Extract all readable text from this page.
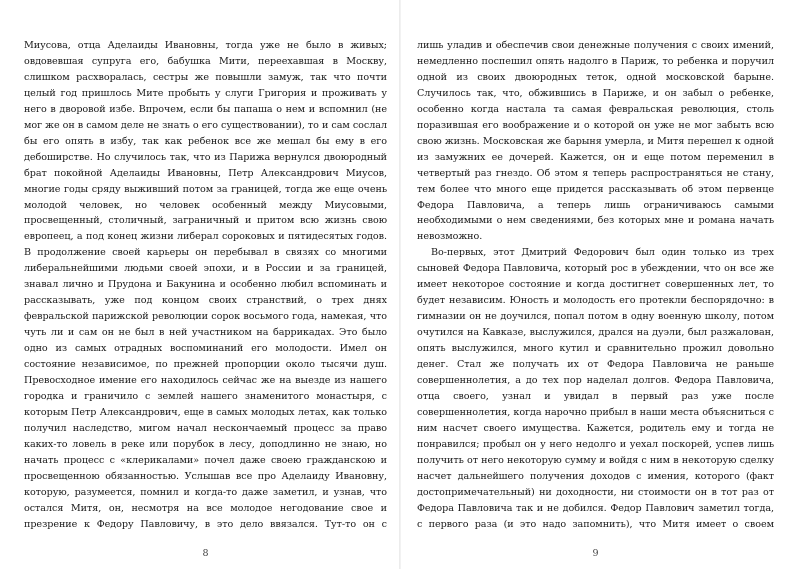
Миусова, отца Аделаиды Ивановны, тогда уже не было в живых; овдовевшая супруга его, бабушка Мити, переехавшая в Москву, слишком расхворалась, сестры же повышли замуж, так что почти целый год пришлось Мите пробыть у слуги Григория и проживать у него в дворовой избе. Впрочем, если бы папаша о нем и вспомнил (не мог же он в самом деле не знать о его существовании), то и сам сослал бы его опять в избу, так как ребенок все же мешал бы ему в его дебоширстве. Но случилось так, что из Парижа вернулся двоюродный брат покойной Аделаиды Ивановны, Петр Александрович Миусов, многие годы сряду выживший потом за границей, тогда же еще очень молодой человек, но человек особенный между Миусовыми, просвещенный, столичный, заграничный и притом всю жизнь свою европеец, а под конец жизни либерал сороковых и пятидесятых годов. В продолжение своей карьеры он перебывал в связях со многими либеральнейшими людьми своей эпохи, и в России и за границей, знавал лично и Прудона и Бакунина и особенно любил вспоминать и рассказывать, уже под концом своих странствий, о трех днях февральской парижской революции сорок восьмого года, намекая, что чуть ли и сам он не был в ней участником на баррикадах. Это было одно из самых отрадных воспоминаний его молодости. Имел он состояние независимое, по прежней пропорции около тысячи душ. Превосходное имение его находилось сейчас же на выезде из нашего городка и граничило с землей нашего знаменитого монастыря, с которым Петр Александрович, еще в самых молодых летах, как только получил наследство, мигом начал нескончаемый процесс за право каких-то ловель в реке или порубок в лесу, доподлинно не знаю, но начать процесс с «клерикалами» почел даже своею гражданскою и просвещенною обязанностью. Услышав все про Аделаиду Ивановну, которую, разумеется, помнил и когда-то даже заметил, и узнав, что остался Митя, он, несмотря на все молодое негодование свое и презрение к Федору Павловичу, в это дело ввязался. Тут-то он с

8

лишь уладив и обеспечив свои денежные получения с своих имений, немедленно поспешил опять надолго в Париж, то ребенка и поручил одной из своих двоюродных теток, одной московской барыне. Случилось так, что, обжившись в Париже, и он забыл о ребенке, особенно когда настала та самая февральская революция, столь поразившая его воображение и о которой он уже не мог забыть всю свою жизнь. Московская же барыня умерла, и Митя перешел к одной из замужних ее дочерей. Кажется, он и еще потом переменил в четвертый раз гнездо. Об этом я теперь распространяться не стану, тем более что много еще придется рассказывать об этом первенце Федора Павловича, а теперь лишь ограничиваюсь самыми необходимыми о нем сведениями, без которых мне и романа начать невозможно.

Во-первых, этот Дмитрий Федорович был один только из трех сыновей Федора Павловича, который рос в убеждении, что он все же имеет некоторое состояние и когда достигнет совершенных лет, то будет независим. Юность и молодость его протекли беспорядочно: в гимназии он не доучился, попал потом в одну военную школу, потом очутился на Кавказе, выслужился, дрался на дуэли, был разжалован, опять выслужился, много кутил и сравнительно прожил довольно денег. Стал же получать их от Федора Павловича не раньше совершеннолетия, а до тех пор наделал долгов. Федора Павловича, отца своего, узнал и увидал в первый раз уже после совершеннолетия, когда нарочно прибыл в наши места объясниться с ним насчет своего имущества. Кажется, родитель ему и тогда не понравился; пробыл он у него недолго и уехал поскорей, успев лишь получить от него некоторую сумму и войдя с ним в некоторую сделку насчет дальнейшего получения доходов с имения, которого (факт достопримечательный) ни доходности, ни стоимости он в тот раз от Федора Павловича так и не добился. Федор Павлович заметил тогда, с первого раза (и это надо запомнить), что Митя имеет о своем

9
